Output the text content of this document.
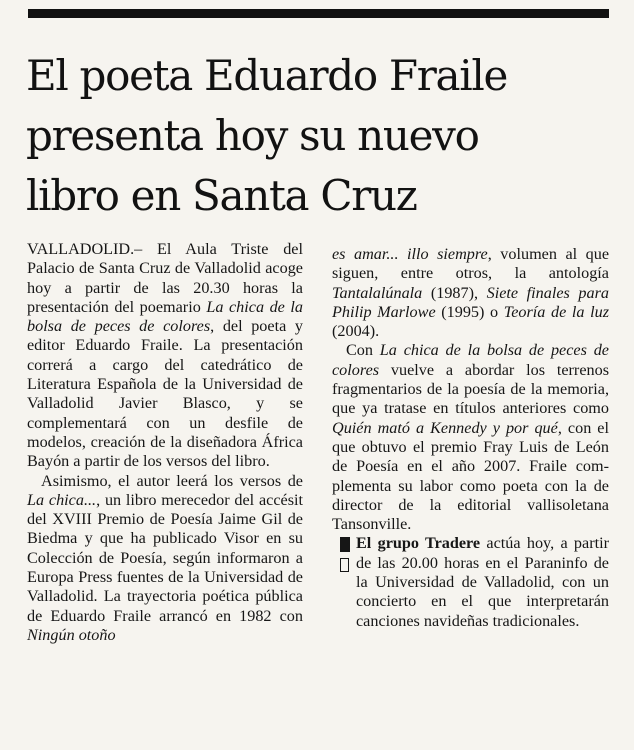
El poeta Eduardo Fraile
presenta hoy su nuevo
libro en Santa Cruz

VALLADOLID.– El Aula Triste del Palacio de Santa Cruz de Valladolid acoge hoy a partir de las 20.30 horas la presentación del poemario La chica de la bolsa de peces de colores, del poeta y editor Eduardo Fraile. La presentación correrá a cargo del catedrático de Literatura Española de la Universidad de Valladolid Javier Blasco, y se complementará con un desfile de modelos, creación de la diseñadora África Bayón a partir de los versos del libro.

Asimismo, el autor leerá los versos de La chica..., un libro merecedor del accésit del XVIII Premio de Poesía Jaime Gil de Biedma y que ha publicado Visor en su Colección de Poesía, según informaron a Europa Press fuentes de la Universidad de Valladolid. La trayectoria poética pública de Eduardo Fraile arrancó en 1982 con Ningún otoño

es amar... illo siempre, volumen al que siguen, entre otros, la antología Tantalalúnala (1987), Siete finales para Philip Marlowe (1995) o Teoría de la luz (2004).

Con La chica de la bolsa de peces de colores vuelve a abordar los terrenos fragmentarios de la poesía de la memoria, que ya tratase en títulos anteriores como Quién mató a Kennedy y por qué, con el que obtuvo el premio Fray Luis de León de Poesía en el año 2007. Fraile complementa su labor como poeta con la de director de la editorial vallisoletana Tansonville.

El grupo Tradere actúa hoy, a partir de las 20.00 horas en el Paraninfo de la Universidad de Valladolid, con un concierto en el que interpretarán canciones navideñas tradicionales.
